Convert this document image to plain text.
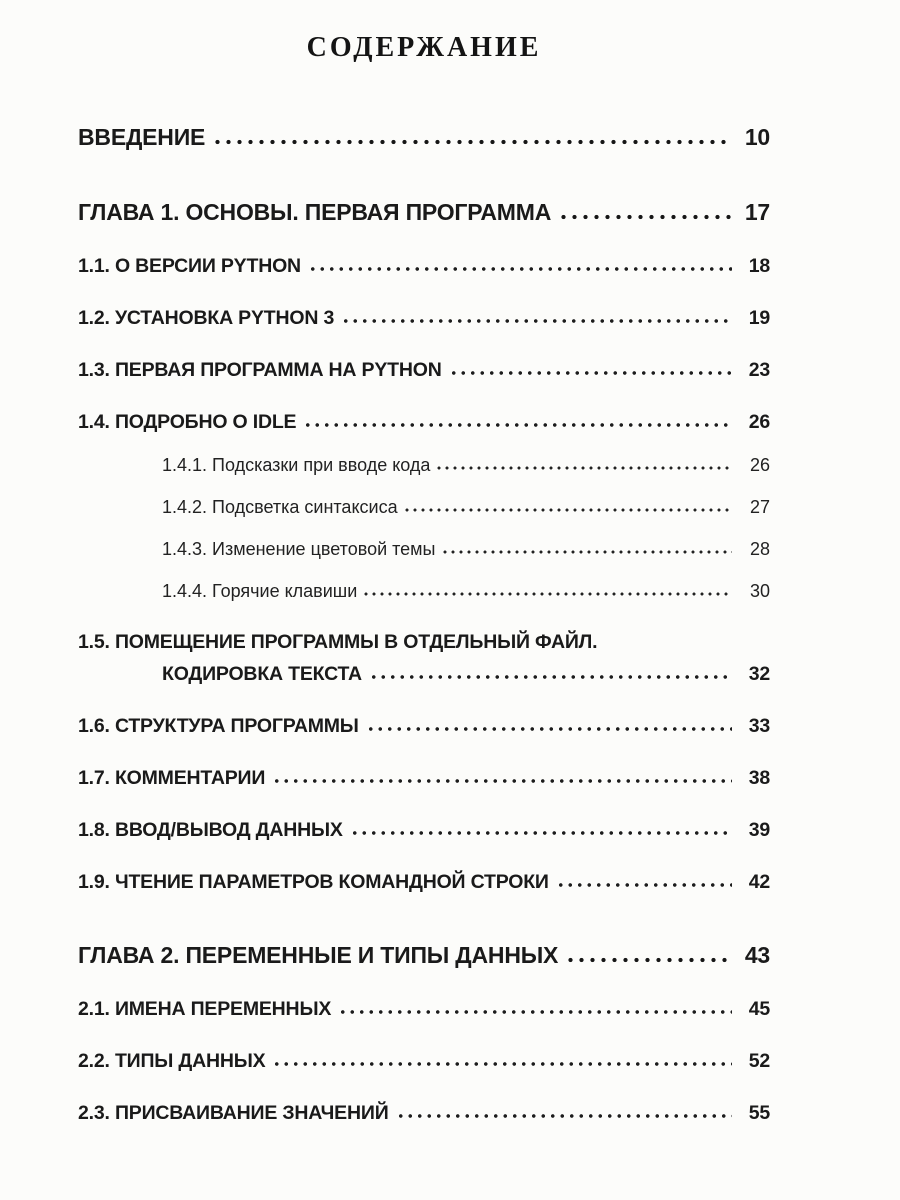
СОДЕРЖАНИЕ
ВВЕДЕНИЕ	10
ГЛАВА 1. ОСНОВЫ. ПЕРВАЯ ПРОГРАММА	17
1.1. О ВЕРСИИ PYTHON	18
1.2. УСТАНОВКА PYTHON 3	19
1.3. ПЕРВАЯ ПРОГРАММА НА PYTHON	23
1.4. ПОДРОБНО О IDLE	26
1.4.1. Подсказки при вводе кода	26
1.4.2. Подсветка синтаксиса	27
1.4.3. Изменение цветовой темы	28
1.4.4. Горячие клавиши	30
1.5. ПОМЕЩЕНИЕ ПРОГРАММЫ В ОТДЕЛЬНЫЙ ФАЙЛ.
КОДИРОВКА ТЕКСТА	32
1.6. СТРУКТУРА ПРОГРАММЫ	33
1.7. КОММЕНТАРИИ	38
1.8. ВВОД/ВЫВОД ДАННЫХ	39
1.9. ЧТЕНИЕ ПАРАМЕТРОВ КОМАНДНОЙ СТРОКИ	42
ГЛАВА 2. ПЕРЕМЕННЫЕ И ТИПЫ ДАННЫХ	43
2.1. ИМЕНА ПЕРЕМЕННЫХ	45
2.2. ТИПЫ ДАННЫХ	52
2.3. ПРИСВАИВАНИЕ ЗНАЧЕНИЙ	55
